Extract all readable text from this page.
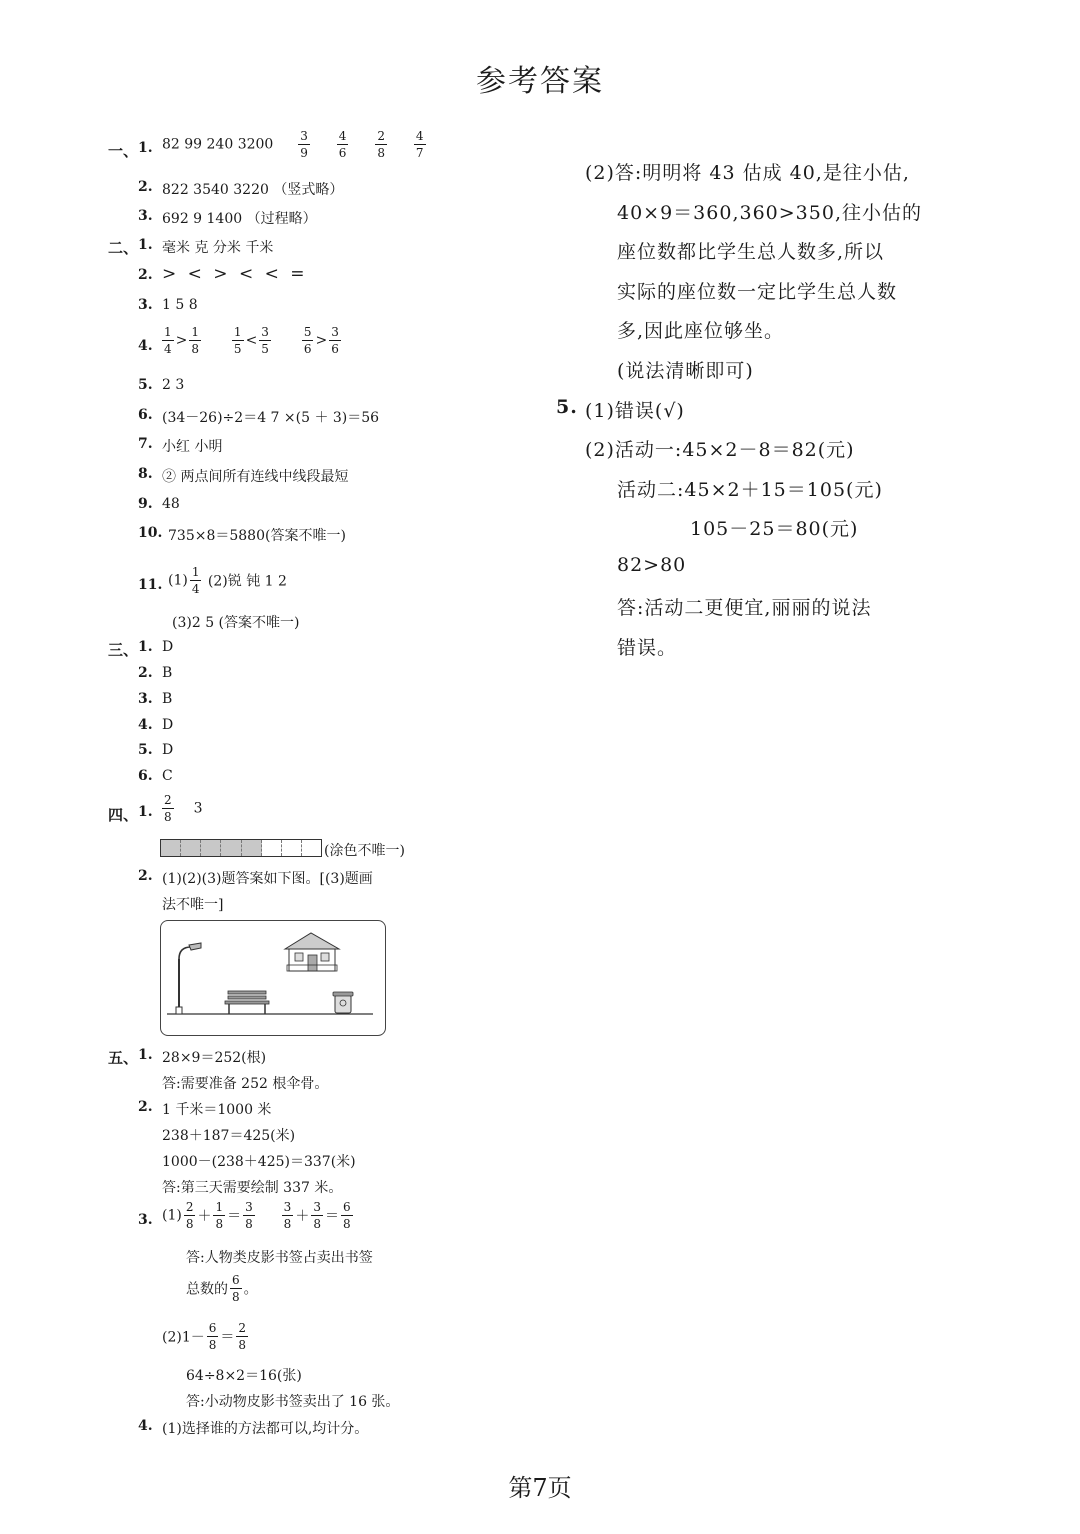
参考答案
一、 1. 82 99 240 $3200 \frac{3}{9}$
$\frac{4}{6}$
$\frac{2}{8}$
$\frac{4}{7}$
2. 822 3540 3220 （竖式略）
3. 692 9 1400 （过程略）
二、 1. 毫米 克 分米 千米
2. > < > < < =
3. 1 5 8
4. $\frac{1}{4} > \frac{1}{8}$
	$\frac{1}{5} < \frac{3}{5}$
	$\frac{5}{6} > \frac{3}{6}$
5. 2 3
6. (34－26)÷2＝4 7 ×(5 ＋ 3)＝56
7. 小红 小明
8. ② 两点间所有连线中线段最短
9. 48
10. 735×8＝5880(答案不唯一)
11. $(1) \frac{1}{4} (2)$锐 钝 1 2
(3)2 5 (答案不唯一)
三、 1. D
2. B
3. B
4. D
5. D
6. C
四、 1. $\frac{2}{8} 3$
(涂色不唯一)
2. (1)(2)(3)题答案如下图。[(3)题画
法不唯一]
五、 1. 28×9＝252(根)
答:需要准备 252 根伞骨。
2. 1 千米＝1000 米
238＋187＝425(米)
1000－(238＋425)＝337(米)
答:第三天需要绘制 337 米。
3. $(1) \frac{2}{8} + \frac{1}{8} = \frac{3}{8}$
$\frac{3}{8} + \frac{3}{8} = \frac{6}{8}$
答:人物类皮影书签占卖出书签
总数的 $\frac{6}{8}$ 。
$(2)1- \frac{6}{8} = \frac{2}{8}$
64÷8×2＝16(张)
答:小动物皮影书签卖出了 16 张。
4. (1)选择谁的方法都可以,均计分。
(2)答:明明将 43 估成 40,是往小估,
40×9＝360,360>350,往小估的
座位数都比学生总人数多,所以
实际的座位数一定比学生总人数
多,因此座位够坐。
(说法清晰即可)
5. (1)错误(√)
(2)活动一:45×2－8＝82(元)
活动二:45×2＋15＝105(元)
105－25＝80(元)
82>80
答:活动二更便宜,丽丽的说法
错误。
第7页
